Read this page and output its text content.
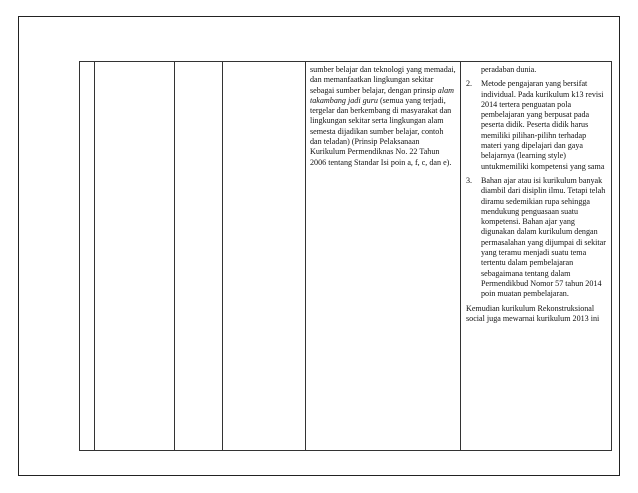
sumber belajar dan teknologi yang memadai, dan memanfaatkan lingkungan sekitar sebagai sumber belajar, dengan prinsip alam takambang jadi guru (semua yang terjadi, tergelar dan berkembang di masyarakat dan lingkungan sekitar serta lingkungan alam semesta dijadikan sumber belajar, contoh dan teladan) (Prinsip Pelaksanaan Kurikulum Permendiknas No. 22 Tahun 2006 tentang Standar Isi poin a, f, c, dan e).
peradaban dunia.
2. Metode pengajaran yang bersifat individual. Pada kurikulum k13 revisi 2014 tertera penguatan pola pembelajaran yang berpusat pada peserta didik. Peserta didik harus memiliki pilihan-pilihn terhadap materi yang dipelajari dan gaya belajarnya (learning style) untukmemiliki kompetensi yang sama
3. Bahan ajar atau isi kurikulum banyak diambil dari disiplin ilmu. Tetapi telah diramu sedemikian rupa sehingga mendukung penguasaan suatu kompetensi. Bahan ajar yang digunakan dalam kurikulum dengan permasalahan yang dijumpai di sekitar yang teramu menjadi suatu tema tertentu dalam pembelajaran sebagaimana tentang dalam Permendikbud Nomor 57 tahun 2014 poin muatan pembelajaran.
Kemudian kurikulum Rekonstruksional social juga mewarnai kurikulum 2013 ini
